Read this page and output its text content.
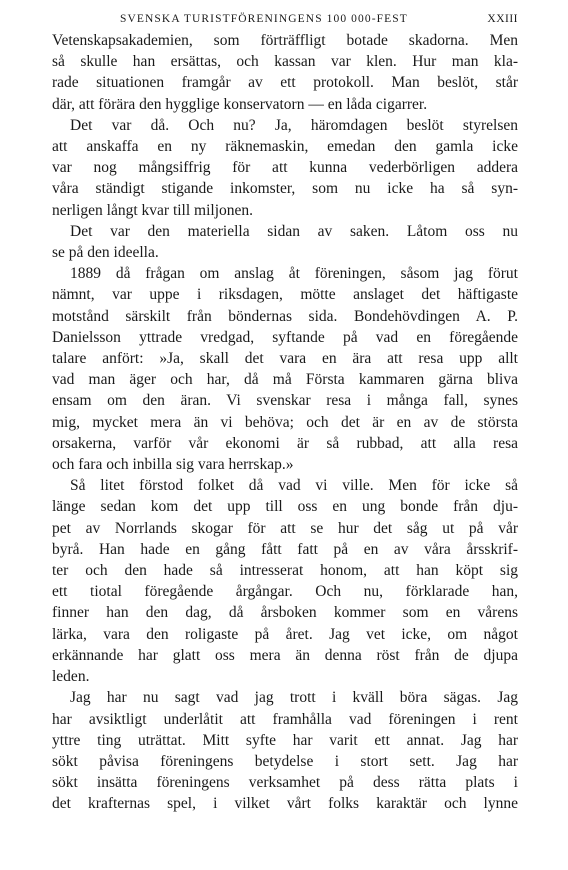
SVENSKA TURISTFÖRENINGENS 100 000-FEST	XXIII
Vetenskapsakademien, som förträffligt botade skadorna. Men
så skulle han ersättas, och kassan var klen. Hur man kla-
rade situationen framgår av ett protokoll. Man beslöt, står
där, att förära den hygglige konservatorn — en låda cigarrer.
Det var då. Och nu? Ja, häromdagen beslöt styrelsen
att anskaffa en ny räknemaskin, emedan den gamla icke
var nog mångsiffrig för att kunna vederbörligen addera
våra ständigt stigande inkomster, som nu icke ha så syn-
nerligen långt kvar till miljonen.
Det var den materiella sidan av saken. Låtom oss nu
se på den ideella.
1889 då frågan om anslag åt föreningen, såsom jag förut
nämnt, var uppe i riksdagen, mötte anslaget det häftigaste
motstånd särskilt från böndernas sida. Bondehövdingen A. P.
Danielsson yttrade vredgad, syftande på vad en föregående
talare anfört: »Ja, skall det vara en ära att resa upp allt
vad man äger och har, då må Första kammaren gärna bliva
ensam om den äran. Vi svenskar resa i många fall, synes
mig, mycket mera än vi behöva; och det är en av de största
orsakerna, varför vår ekonomi är så rubbad, att alla resa
och fara och inbilla sig vara herrskap.»
Så litet förstod folket då vad vi ville. Men för icke så
länge sedan kom det upp till oss en ung bonde från dju-
pet av Norrlands skogar för att se hur det såg ut på vår
byrå. Han hade en gång fått fatt på en av våra årsskrif-
ter och den hade så intresserat honom, att han köpt sig
ett tiotal föregående årgångar. Och nu, förklarade han,
finner han den dag, då årsboken kommer som en vårens
lärka, vara den roligaste på året. Jag vet icke, om något
erkännande har glatt oss mera än denna röst från de djupa
leden.
Jag har nu sagt vad jag trott i kväll böra sägas. Jag
har avsiktligt underlåtit att framhålla vad föreningen i rent
yttre ting uträttat. Mitt syfte har varit ett annat. Jag har
sökt påvisa föreningens betydelse i stort sett. Jag har
sökt insätta föreningens verksamhet på dess rätta plats i
det krafternas spel, i vilket vårt folks karaktär och lynne
